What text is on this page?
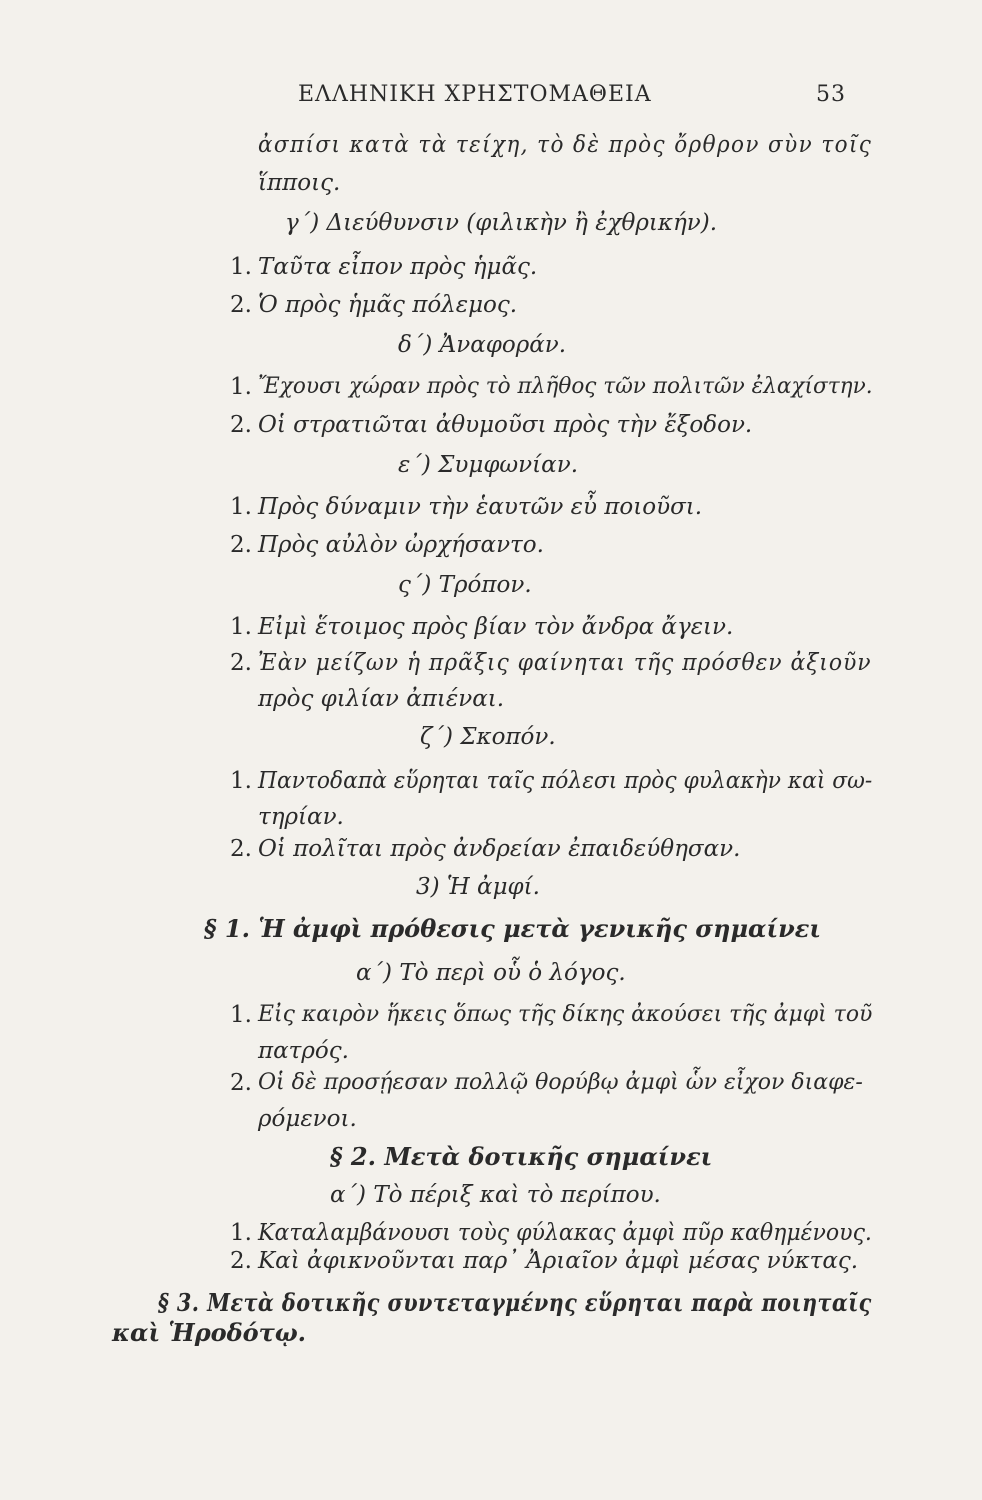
ΕΛΛΗΝΙΚΗ ΧΡΗΣΤΟΜΑΘΕΙΑ	53
ἀσπίσι κατὰ τὰ τείχη, τὸ δὲ πρὸς ὄρθρον σὺν τοῖς
ἵπποις.
γ΄) Διεύθυνσιν (φιλικὴν ἢ ἐχθρικήν).
1. Ταῦτα εἶπον πρὸς ἡμᾶς.
2. Ὁ πρὸς ἡμᾶς πόλεμος.
δ΄) Ἀναφοράν.
1. Ἔχουσι χώραν πρὸς τὸ πλῆθος τῶν πολιτῶν ἐλαχίστην.
2. Οἱ στρατιῶται ἀθυμοῦσι πρὸς τὴν ἔξοδον.
ε΄) Συμφωνίαν.
1. Πρὸς δύναμιν τὴν ἑαυτῶν εὖ ποιοῦσι.
2. Πρὸς αὐλὸν ὠρχήσαντο.
ς΄) Τρόπον.
1. Εἰμὶ ἕτοιμος πρὸς βίαν τὸν ἄνδρα ἄγειν.
2. Ἐὰν μείζων ἡ πρᾶξις φαίνηται τῆς πρόσθεν ἀξιοῦν
πρὸς φιλίαν ἀπιέναι.
ζ΄) Σκοπόν.
1. Παντοδαπὰ εὕρηται ταῖς πόλεσι πρὸς φυλακὴν καὶ σω-
τηρίαν.
2. Οἱ πολῖται πρὸς ἀνδρείαν ἐπαιδεύθησαν.
3) Ἡ ἀμφί.
§ 1. Ἡ ἀμφὶ πρόθεσις μετὰ γενικῆς σημαίνει
α΄) Τὸ περὶ οὗ ὁ λόγος.
1. Εἰς καιρὸν ἥκεις ὅπως τῆς δίκης ἀκούσει τῆς ἀμφὶ τοῦ
πατρός.
2. Οἱ δὲ προσῄεσαν πολλῷ θορύβῳ ἀμφὶ ὧν εἶχον διαφε-
ρόμενοι.
§ 2. Μετὰ δοτικῆς σημαίνει
α΄) Τὸ πέριξ καὶ τὸ περίπου.
1. Καταλαμβάνουσι τοὺς φύλακας ἀμφὶ πῦρ καθημένους.
2. Καὶ ἀφικνοῦνται παρ᾽ Ἀριαῖον ἀμφὶ μέσας νύκτας.
§ 3. Μετὰ δοτικῆς συντεταγμένης εὕρηται παρὰ ποιηταῖς
καὶ Ἡροδότῳ.
